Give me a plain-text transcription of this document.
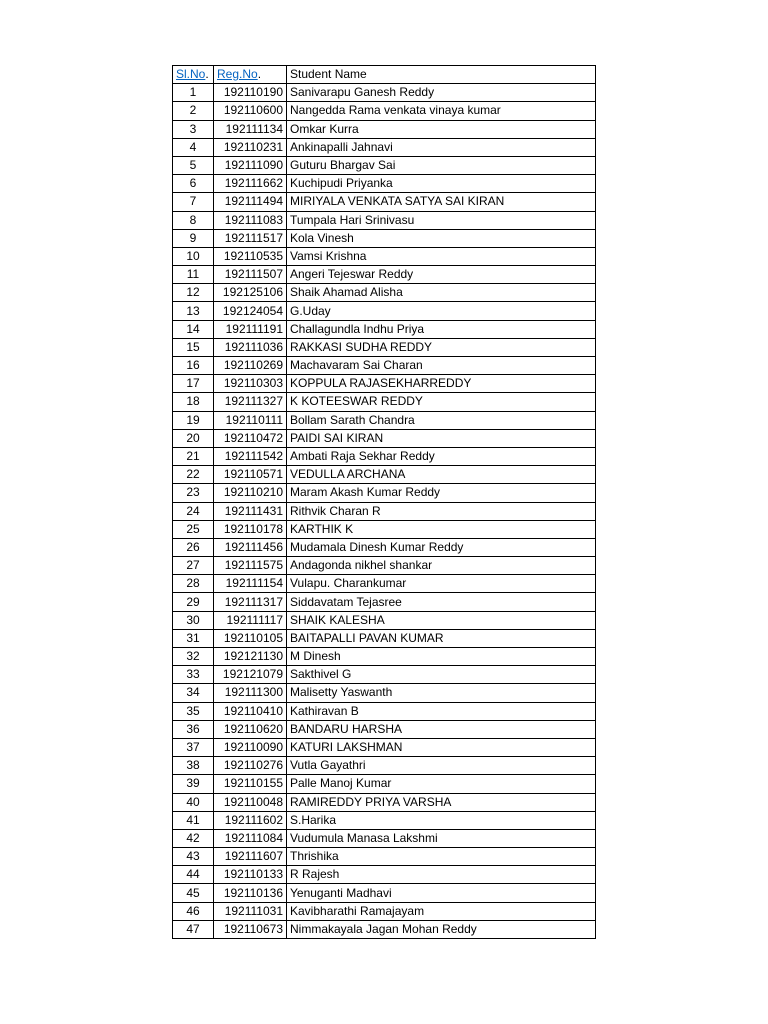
Sl.No.	Reg.No.	Student Name
1	192110190	Sanivarapu Ganesh Reddy
2	192110600	Nangedda Rama venkata vinaya kumar
3	192111134	Omkar Kurra
4	192110231	Ankinapalli Jahnavi
5	192111090	Guturu Bhargav Sai
6	192111662	Kuchipudi Priyanka
7	192111494	MIRIYALA VENKATA SATYA SAI KIRAN
8	192111083	Tumpala Hari Srinivasu
9	192111517	Kola Vinesh
10	192110535	Vamsi Krishna
11	192111507	Angeri Tejeswar Reddy
12	192125106	Shaik Ahamad Alisha
13	192124054	G.Uday
14	192111191	Challagundla Indhu Priya
15	192111036	RAKKASI SUDHA REDDY
16	192110269	Machavaram Sai Charan
17	192110303	KOPPULA RAJASEKHARREDDY
18	192111327	K KOTEESWAR REDDY
19	192110111	Bollam Sarath Chandra
20	192110472	PAIDI SAI KIRAN
21	192111542	Ambati Raja Sekhar Reddy
22	192110571	VEDULLA ARCHANA
23	192110210	Maram Akash Kumar Reddy
24	192111431	Rithvik Charan R
25	192110178	KARTHIK K
26	192111456	Mudamala Dinesh Kumar Reddy
27	192111575	Andagonda nikhel shankar
28	192111154	Vulapu. Charankumar
29	192111317	Siddavatam Tejasree
30	192111117	SHAIK KALESHA
31	192110105	BAITAPALLI PAVAN KUMAR
32	192121130	M Dinesh
33	192121079	Sakthivel G
34	192111300	Malisetty Yaswanth
35	192110410	Kathiravan B
36	192110620	BANDARU HARSHA
37	192110090	KATURI LAKSHMAN
38	192110276	Vutla Gayathri
39	192110155	Palle Manoj Kumar
40	192110048	RAMIREDDY PRIYA VARSHA
41	192111602	S.Harika
42	192111084	Vudumula Manasa Lakshmi
43	192111607	Thrishika
44	192110133	R Rajesh
45	192110136	Yenuganti Madhavi
46	192111031	Kavibharathi Ramajayam
47	192110673	Nimmakayala Jagan Mohan Reddy
